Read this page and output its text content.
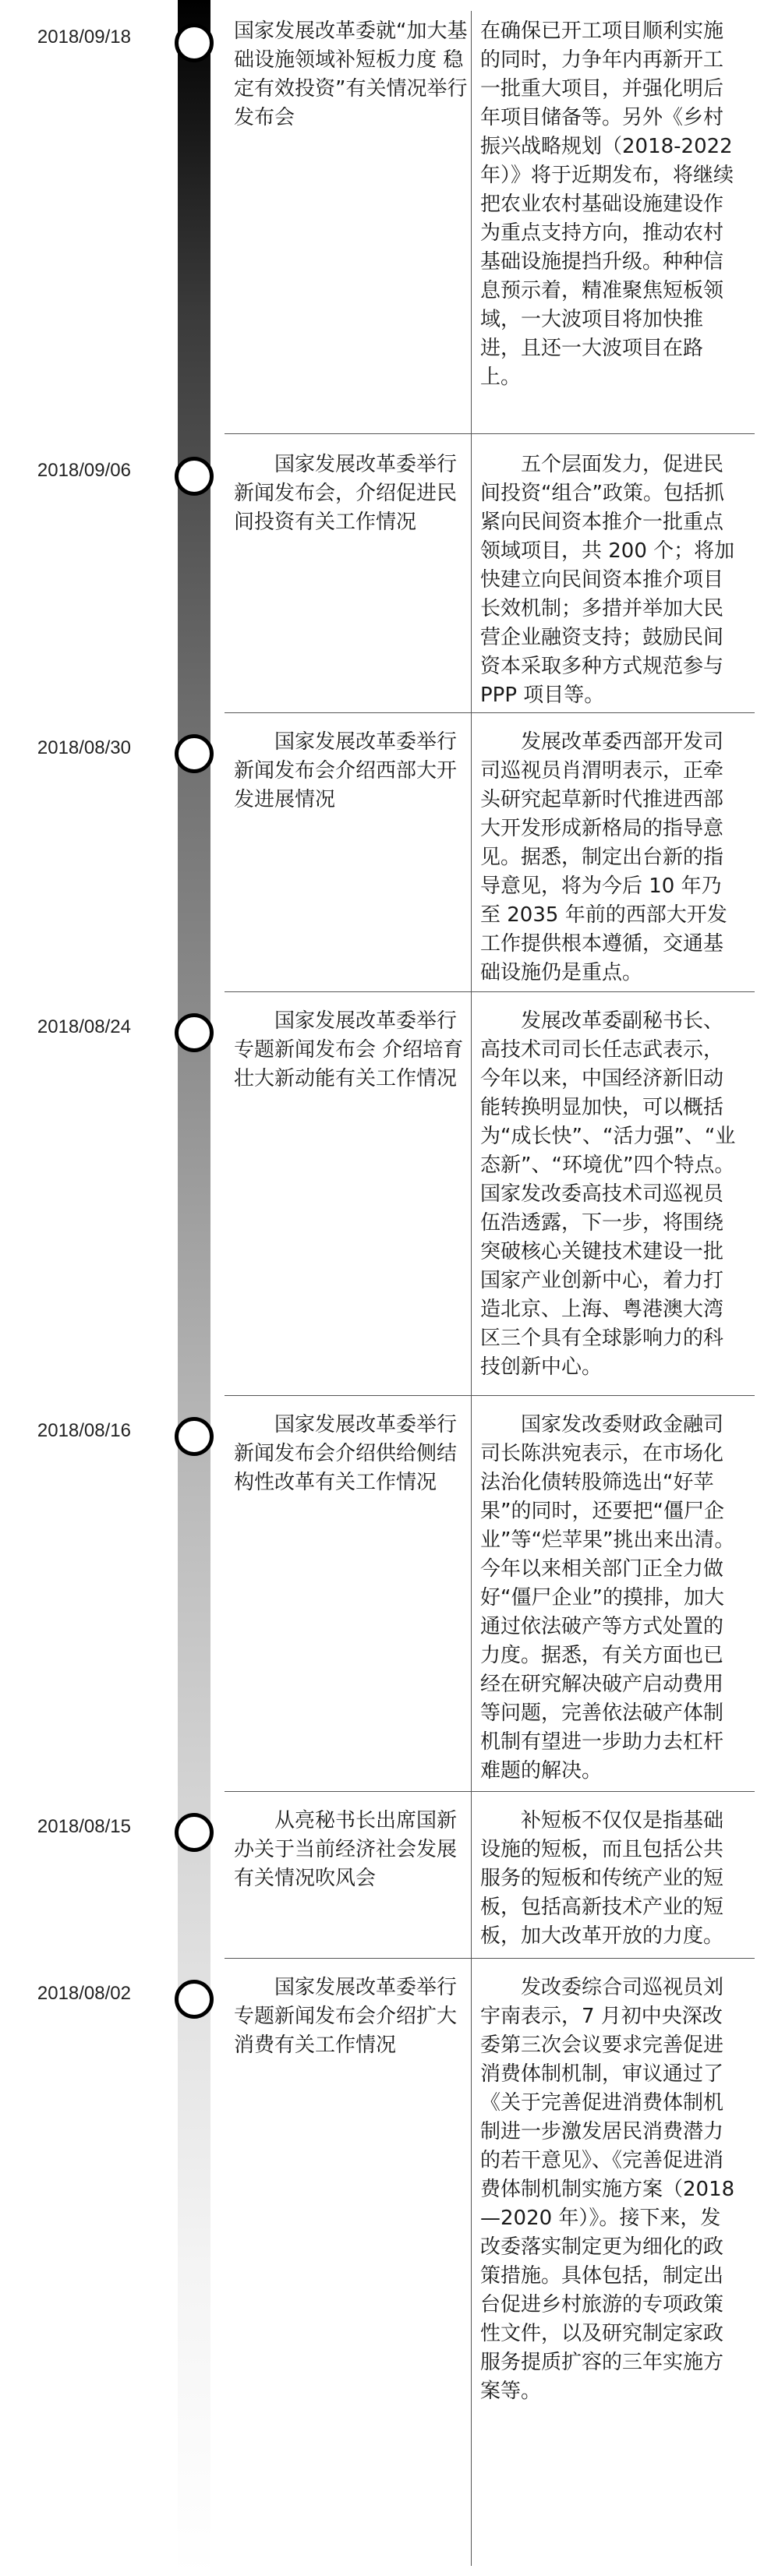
2018/09/18	国家发展改革委就“加大基础设施领域补短板力度 稳定有效投资”有关情况举行发布会
在确保已开工项目顺利实施的同时，力争年内再新开工一批重大项目，并强化明后年项目储备等。另外《乡村振兴战略规划（2018-2022 年）》将于近期发布，将继续把农业农村基础设施建设作为重点支持方向，推动农村基础设施提挡升级。种种信息预示着，精准聚焦短板领域，一大波项目将加快推进，且还一大波项目在路上。
2018/09/06	国家发展改革委举行新闻发布会，介绍促进民间投资有关工作情况
五个层面发力，促进民间投资“组合”政策。包括抓紧向民间资本推介一批重点领域项目，共 200 个；将加快建立向民间资本推介项目长效机制；多措并举加大民营企业融资支持；鼓励民间资本采取多种方式规范参与 PPP 项目等。
2018/08/30	国家发展改革委举行新闻发布会介绍西部大开发进展情况
发展改革委西部开发司司巡视员肖渭明表示，正牵头研究起草新时代推进西部大开发形成新格局的指导意见。据悉，制定出台新的指导意见，将为今后 10 年乃至 2035 年前的西部大开发工作提供根本遵循，交通基础设施仍是重点。
2018/08/24	国家发展改革委举行专题新闻发布会 介绍培育壮大新动能有关工作情况
发展改革委副秘书长、高技术司司长任志武表示，今年以来，中国经济新旧动能转换明显加快，可以概括为“成长快”、“活力强”、“业态新”、“环境优”四个特点。国家发改委高技术司巡视员伍浩透露，下一步，将围绕突破核心关键技术建设一批国家产业创新中心，着力打造北京、上海、粤港澳大湾区三个具有全球影响力的科技创新中心。
2018/08/16	国家发展改革委举行新闻发布会介绍供给侧结构性改革有关工作情况
国家发改委财政金融司司长陈洪宛表示，在市场化法治化债转股筛选出“好苹果”的同时，还要把“僵尸企业”等“烂苹果”挑出来出清。今年以来相关部门正全力做好“僵尸企业”的摸排，加大通过依法破产等方式处置的力度。据悉，有关方面也已经在研究解决破产启动费用等问题，完善依法破产体制机制有望进一步助力去杠杆难题的解决。
2018/08/15	从亮秘书长出席国新办关于当前经济社会发展有关情况吹风会
补短板不仅仅是指基础设施的短板，而且包括公共服务的短板和传统产业的短板，包括高新技术产业的短板，加大改革开放的力度。
2018/08/02	国家发展改革委举行专题新闻发布会介绍扩大消费有关工作情况
发改委综合司巡视员刘宇南表示，7 月初中央深改委第三次会议要求完善促进消费体制机制，审议通过了《关于完善促进消费体制机制进一步激发居民消费潜力的若干意见》、《完善促进消费体制机制实施方案（2018—2020 年）》。接下来，发改委落实制定更为细化的政策措施。具体包括，制定出台促进乡村旅游的专项政策性文件，以及研究制定家政服务提质扩容的三年实施方案等。
